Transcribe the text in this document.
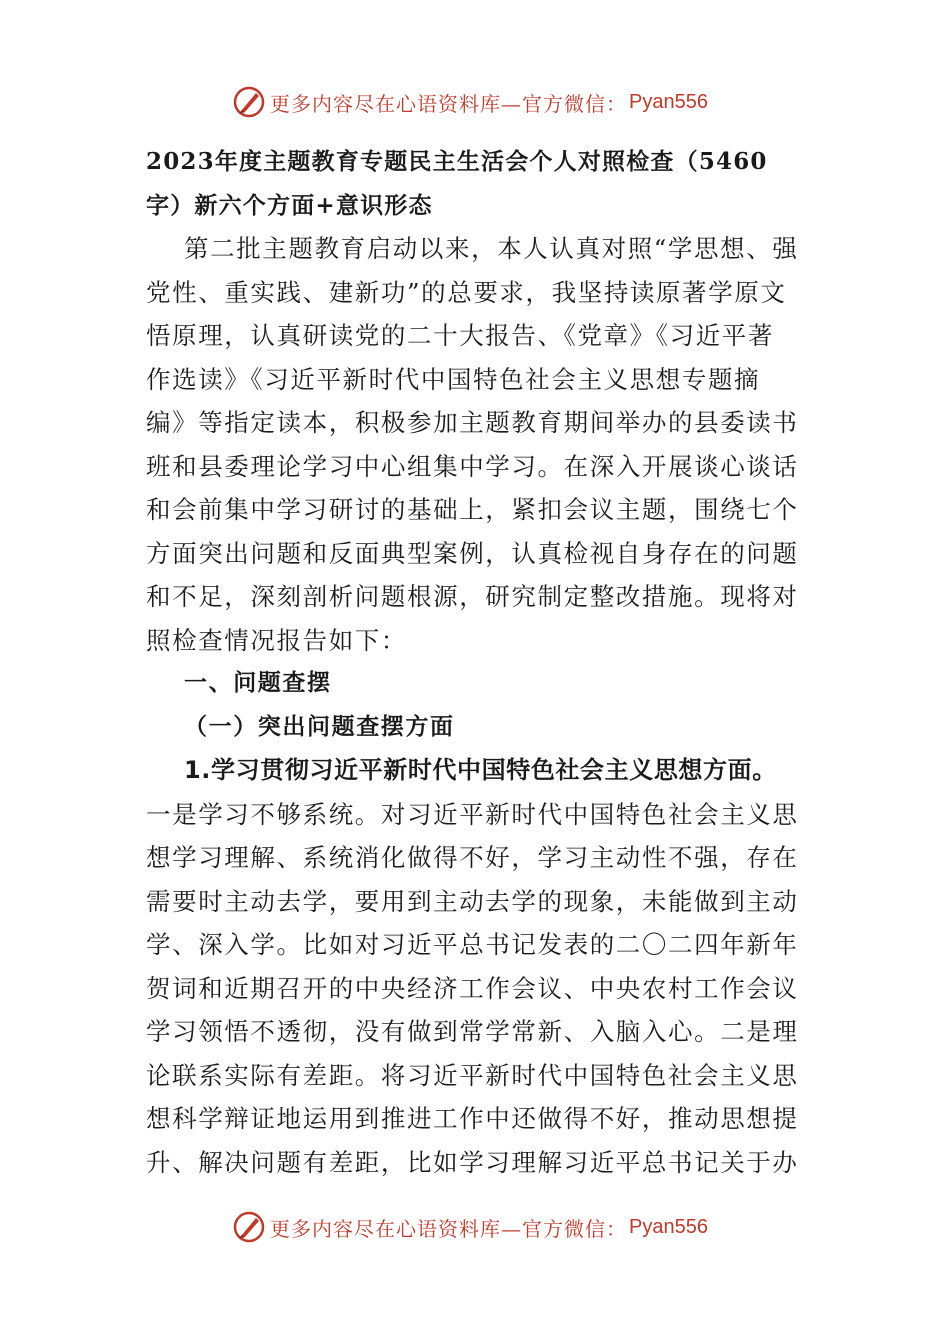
更多内容尽在心语资料库—官方微信： Pyan556
2023年度主题教育专题民主生活会个人对照检查（5460
字）新六个方面+意识形态
第二批主题教育启动以来，本人认真对照“学思想、强
党性、重实践、建新功”的总要求，我坚持读原著学原文
悟原理，认真研读党的二十大报告、《党章》《习近平著
作选读》《习近平新时代中国特色社会主义思想专题摘
编》等指定读本，积极参加主题教育期间举办的县委读书
班和县委理论学习中心组集中学习。在深入开展谈心谈话
和会前集中学习研讨的基础上，紧扣会议主题，围绕七个
方面突出问题和反面典型案例，认真检视自身存在的问题
和不足，深刻剖析问题根源，研究制定整改措施。现将对
照检查情况报告如下：
一、问题查摆
（一）突出问题查摆方面
1.学习贯彻习近平新时代中国特色社会主义思想方面。
一是学习不够系统。对习近平新时代中国特色社会主义思
想学习理解、系统消化做得不好，学习主动性不强，存在
需要时主动去学，要用到主动去学的现象，未能做到主动
学、深入学。比如对习近平总书记发表的二〇二四年新年
贺词和近期召开的中央经济工作会议、中央农村工作会议
学习领悟不透彻，没有做到常学常新、入脑入心。二是理
论联系实际有差距。将习近平新时代中国特色社会主义思
想科学辩证地运用到推进工作中还做得不好，推动思想提
升、解决问题有差距，比如学习理解习近平总书记关于办
更多内容尽在心语资料库—官方微信： Pyan556
